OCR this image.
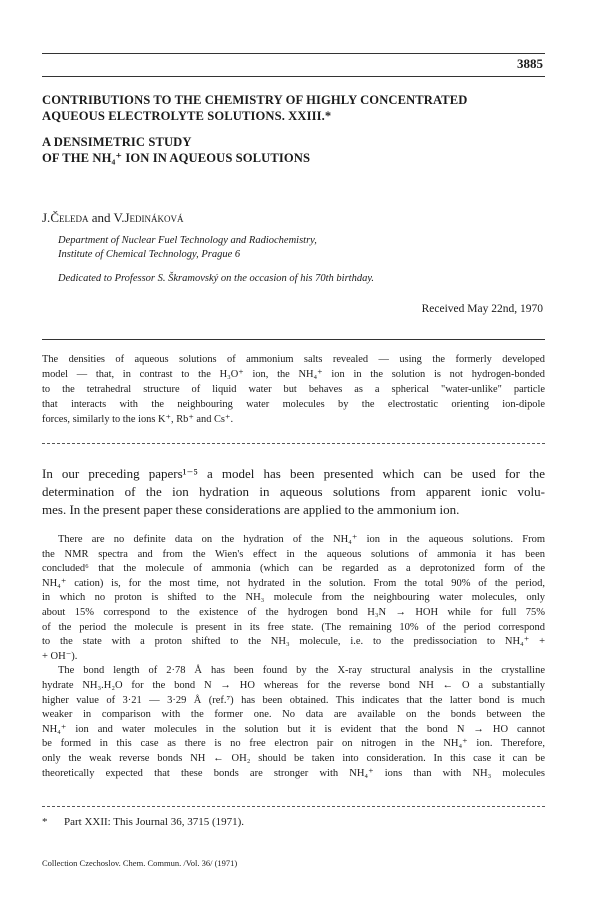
3885
CONTRIBUTIONS TO THE CHEMISTRY OF HIGHLY CONCENTRATED
AQUEOUS ELECTROLYTE SOLUTIONS. XXIII.*
A DENSIMETRIC STUDY
OF THE NH₄⁺ ION IN AQUEOUS SOLUTIONS
J.Čeleda and V.Jedináková
Department of Nuclear Fuel Technology and Radiochemistry,
Institute of Chemical Technology, Prague 6
Dedicated to Professor S. Škramovský on the occasion of his 70th birthday.
Received May 22nd, 1970
The densities of aqueous solutions of ammonium salts revealed — using the formerly developed
model — that, in contrast to the H₃O⁺ ion, the NH₄⁺ ion in the solution is not hydrogen-bonded
to the tetrahedral structure of liquid water but behaves as a spherical "water-unlike" particle
that interacts with the neighbouring water molecules by the electrostatic orienting ion-dipole
forces, similarly to the ions K⁺, Rb⁺ and Cs⁺.
In our preceding papers¹⁻⁵ a model has been presented which can be used for the
determination of the ion hydration in aqueous solutions from apparent ionic volu-
mes. In the present paper these considerations are applied to the ammonium ion.
There are no definite data on the hydration of the NH₄⁺ ion in the aqueous solutions. From
the NMR spectra and from the Wien's effect in the aqueous solutions of ammonia it has been
concluded⁶ that the molecule of ammonia (which can be regarded as a deprotonized form of the
NH₄⁺ cation) is, for the most time, not hydrated in the solution. From the total 90% of the period,
in which no proton is shifted to the NH₃ molecule from the neighbouring water molecules, only
about 15% correspond to the existence of the hydrogen bond H₃N → HOH while for full 75%
of the period the molecule is present in its free state. (The remaining 10% of the period correspond
to the state with a proton shifted to the NH₃ molecule, i.e. to the predissociation to NH₄⁺ +
+ OH⁻).
The bond length of 2·78 Å has been found by the X-ray structural analysis in the crystalline
hydrate NH₃.H₂O for the bond N → HO whereas for the reverse bond NH ← O a substantially
higher value of 3·21 — 3·29 Å (ref.⁷) has been obtained. This indicates that the latter bond is much
weaker in comparison with the former one. No data are available on the bonds between the
NH₄⁺ ion and water molecules in the solution but it is evident that the bond N → HO cannot
be formed in this case as there is no free electron pair on nitrogen in the NH₄⁺ ion. Therefore,
only the weak reverse bonds NH ← OH₂ should be taken into consideration. In this case it can be
theoretically expected that these bonds are stronger with NH₄⁺ ions than with NH₃ molecules
* Part XXII: This Journal 36, 3715 (1971).
Collection Czechoslov. Chem. Commun. /Vol. 36/ (1971)
